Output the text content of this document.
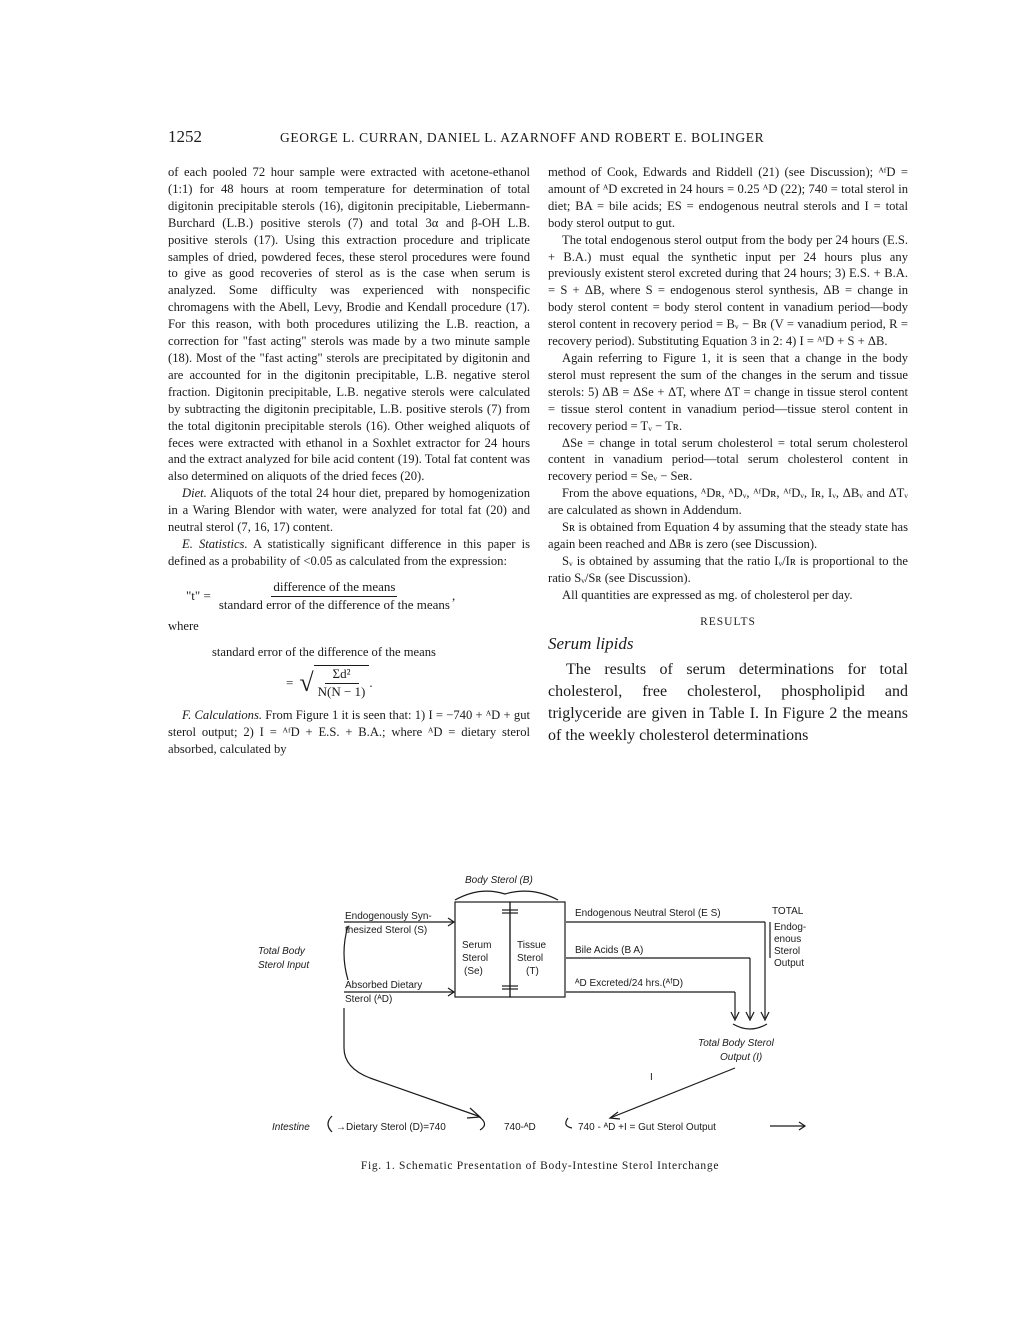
1252	GEORGE L. CURRAN, DANIEL L. AZARNOFF AND ROBERT E. BOLINGER

of each pooled 72 hour sample were extracted with acetone-ethanol (1:1) for 48 hours at room temperature for determination of total digitonin precipitable sterols (16), digitonin precipitable, Liebermann-Burchard (L.B.) positive sterols (7) and total 3α and β-OH L.B. positive sterols (17). Using this extraction procedure and triplicate samples of dried, powdered feces, these sterol procedures were found to give as good recoveries of sterol as is the case when serum is analyzed. Some difficulty was experienced with nonspecific chromagens with the Abell, Levy, Brodie and Kendall procedure (17). For this reason, with both procedures utilizing the L.B. reaction, a correction for "fast acting" sterols was made by a two minute sample (18). Most of the "fast acting" sterols are precipitated by digitonin and are accounted for in the digitonin precipitable, L.B. negative sterol fraction. Digitonin precipitable, L.B. negative sterols were calculated by subtracting the digitonin precipitable, L.B. positive sterols (7) from the total digitonin precipitable sterols (16). Other weighed aliquots of feces were extracted with ethanol in a Soxhlet extractor for 24 hours and the extract analyzed for bile acid content (19). Total fat content was also determined on aliquots of the dried feces (20).

Diet. Aliquots of the total 24 hour diet, prepared by homogenization in a Waring Blendor with water, were analyzed for total fat (20) and neutral sterol (7, 16, 17) content.

E. Statistics. A statistically significant difference in this paper is defined as a probability of <0.05 as calculated from the expression:

"t" =
difference of the means
standard error of the difference of the means
,

where

standard error of the difference of the means

= √ $\frac{\text{Σd²}}{N(N - 1)}$ .

F. Calculations. From Figure 1 it is seen that: 1) I = −740 + ᴬD + gut sterol output; 2) I = ᴬᶠD + E.S. + B.A.; where ᴬD = dietary sterol absorbed, calculated by

method of Cook, Edwards and Riddell (21) (see Discussion); ᴬᶠD = amount of ᴬD excreted in 24 hours = 0.25 ᴬD (22); 740 = total sterol in diet; BA = bile acids; ES = endogenous neutral sterols and I = total body sterol output to gut.

The total endogenous sterol output from the body per 24 hours (E.S. + B.A.) must equal the synthetic input per 24 hours plus any previously existent sterol excreted during that 24 hours; 3) E.S. + B.A. = S + ΔB, where S = endogenous sterol synthesis, ΔB = change in body sterol content = body sterol content in vanadium period—body sterol content in recovery period = Bᵥ − Bʀ (V = vanadium period, R = recovery period). Substituting Equation 3 in 2: 4) I = ᴬᶠD + S + ΔB.

Again referring to Figure 1, it is seen that a change in the body sterol must represent the sum of the changes in the serum and tissue sterols: 5) ΔB = ΔSe + ΔT, where ΔT = change in tissue sterol content = tissue sterol content in vanadium period—tissue sterol content in recovery period = Tᵥ − Tʀ.

ΔSe = change in total serum cholesterol = total serum cholesterol content in vanadium period—total serum cholesterol content in recovery period = Seᵥ − Seʀ.

From the above equations, ᴬDʀ, ᴬDᵥ, ᴬᶠDʀ, ᴬᶠDᵥ, Iʀ, Iᵥ, ΔBᵥ and ΔTᵥ are calculated as shown in Addendum.

Sʀ is obtained from Equation 4 by assuming that the steady state has again been reached and ΔBʀ is zero (see Discussion).

Sᵥ is obtained by assuming that the ratio Iᵥ/Iʀ is proportional to the ratio Sᵥ/Sʀ (see Discussion).

All quantities are expressed as mg. of cholesterol per day.

RESULTS

Serum lipids

The results of serum determinations for total cholesterol, free cholesterol, phospholipid and triglyceride are given in Table I. In Figure 2 the means of the weekly cholesterol determinations

Body Sterol (B)
Serum
Sterol
(Se)
Tissue
Sterol
(T)
Endogenously Syn-
thesized Sterol (S)
Total Body
Sterol Input
Absorbed Dietary
Sterol (ᴬD)
Endogenous Neutral Sterol (E S)
Bile Acids (B A)
ᴬD Excreted/24 hrs.(ᴬᶠD)
TOTAL
Endog-
enous
Sterol
Output
Total Body Sterol
Output (I)
I
Intestine	→Dietary Sterol (D)=740	740-ᴬD	740 - ᴬD +I = Gut Sterol Output
Fig. 1. Schematic Presentation of Body-Intestine Sterol Interchange
